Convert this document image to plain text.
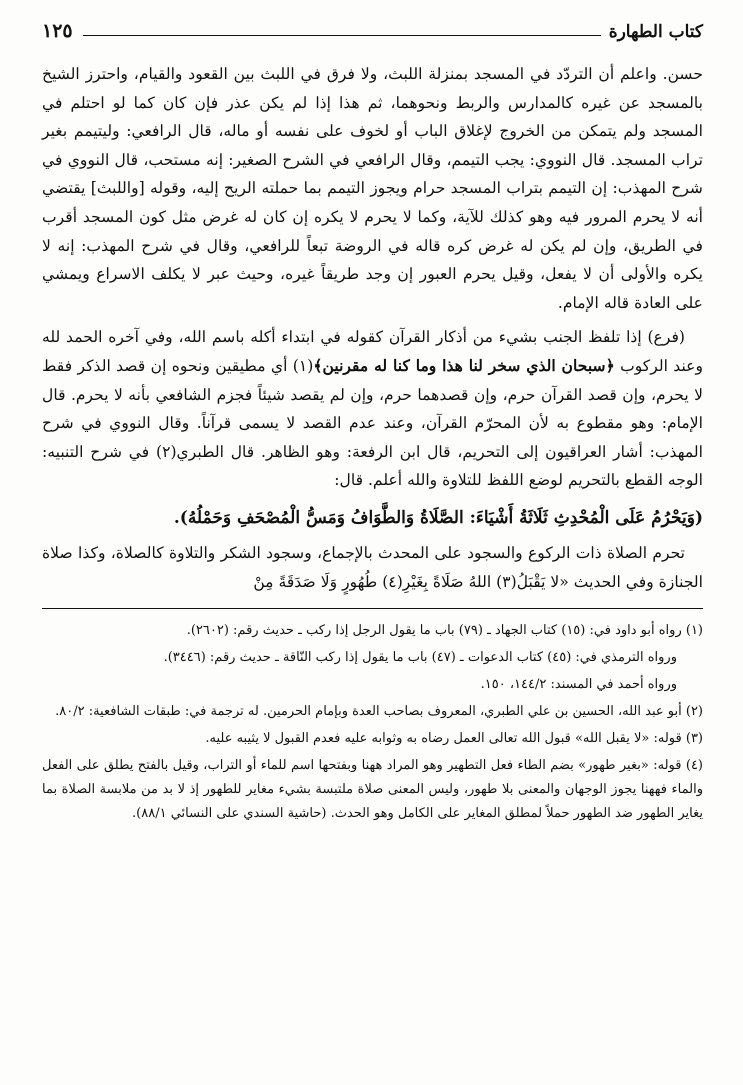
كتاب الطهارة
١٢٥

حسن. واعلم أن التردّد في المسجد بمنزلة اللبث، ولا فرق في اللبث بين القعود والقيام، واحترز الشيخ بالمسجد عن غيره كالمدارس والربط ونحوهما، ثم هذا إذا لم يكن عذر فإن كان كما لو احتلم في المسجد ولم يتمكن من الخروج لإغلاق الباب أو لخوف على نفسه أو ماله، قال الرافعي: وليتيمم بغير تراب المسجد. قال النووي: يجب التيمم، وقال الرافعي في الشرح الصغير: إنه مستحب، قال النووي في شرح المهذب: إن التيمم بتراب المسجد حرام ويجوز التيمم بما حملته الريح إليه، وقوله [واللبث] يقتضي أنه لا يحرم المرور فيه وهو كذلك للآية، وكما لا يحرم لا يكره إن كان له غرض مثل كون المسجد أقرب في الطريق، وإن لم يكن له غرض كره قاله في الروضة تبعاً للرافعي، وقال في شرح المهذب: إنه لا يكره والأولى أن لا يفعل، وقيل يحرم العبور إن وجد طريقاً غيره، وحيث عبر لا يكلف الاسراع ويمشي على العادة قاله الإمام.

(فرع) إذا تلفظ الجنب بشيء من أذكار القرآن كقوله في ابتداء أكله باسم الله، وفي آخره الحمد لله وعند الركوب ﴿سبحان الذي سخر لنا هذا وما كنا له مقرنين﴾(١) أي مطيقين ونحوه إن قصد الذكر فقط لا يحرم، وإن قصد القرآن حرم، وإن قصدهما حرم، وإن لم يقصد شيئاً فجزم الشافعي بأنه لا يحرم. قال الإمام: وهو مقطوع به لأن المحرّم القرآن، وعند عدم القصد لا يسمى قرآناً. وقال النووي في شرح المهذب: أشار العراقيون إلى التحريم، قال ابن الرفعة: وهو الظاهر. قال الطبري(٢) في شرح التنبيه: الوجه القطع بالتحريم لوضع اللفظ للتلاوة والله أعلم. قال:

(وَيَحْرُمُ عَلَى الْمُحْدِثِ ثَلَاثَةُ أَشْيَاءَ: الصَّلَاةُ وَالطَّوَافُ وَمَسُّ الْمُصْحَفِ وَحَمْلُهُ).

تحرم الصلاة ذات الركوع والسجود على المحدث بالإجماع، وسجود الشكر والتلاوة كالصلاة، وكذا صلاة الجنازة وفي الحديث «لا يَقْبَلُ(٣) اللهُ صَلَاةً بِغَيْرِ(٤) طُهُورٍ وَلَا صَدَقَةً مِنْ

(١) رواه أبو داود في: (١٥) كتاب الجهاد ـ (٧٩) باب ما يقول الرجل إذا ركب ـ حديث رقم: (٢٦٠٢).

ورواه الترمذي في: (٤٥) كتاب الدعوات ـ (٤٧) باب ما يقول إذا ركب النّاقة ـ حديث رقم: (٣٤٤٦).

ورواه أحمد في المسند: ١٤٤/٢، ١٥٠.

(٢) أبو عبد الله، الحسين بن علي الطبري، المعروف بصاحب العدة وبإمام الحرمين. له ترجمة في: طبقات الشافعية: ٨٠/٢.

(٣) قوله: «لا يقبل الله» قبول الله تعالى العمل رضاه به وثوابه عليه فعدم القبول لا يثيبه عليه.

(٤) قوله: «بغير طهور» بضم الطاء فعل التطهير وهو المراد ههنا وبفتحها اسم للماء أو التراب، وقيل بالفتح يطلق على الفعل والماء فههنا يجوز الوجهان والمعنى بلا طهور، وليس المعنى صلاة ملتبسة بشيء مغاير للطهور إذ لا بد من ملابسة الصلاة بما يغاير الطهور ضد الطهور حملاً لمطلق المغاير على الكامل وهو الحدث. (حاشية السندي على النسائي ٨٨/١).
